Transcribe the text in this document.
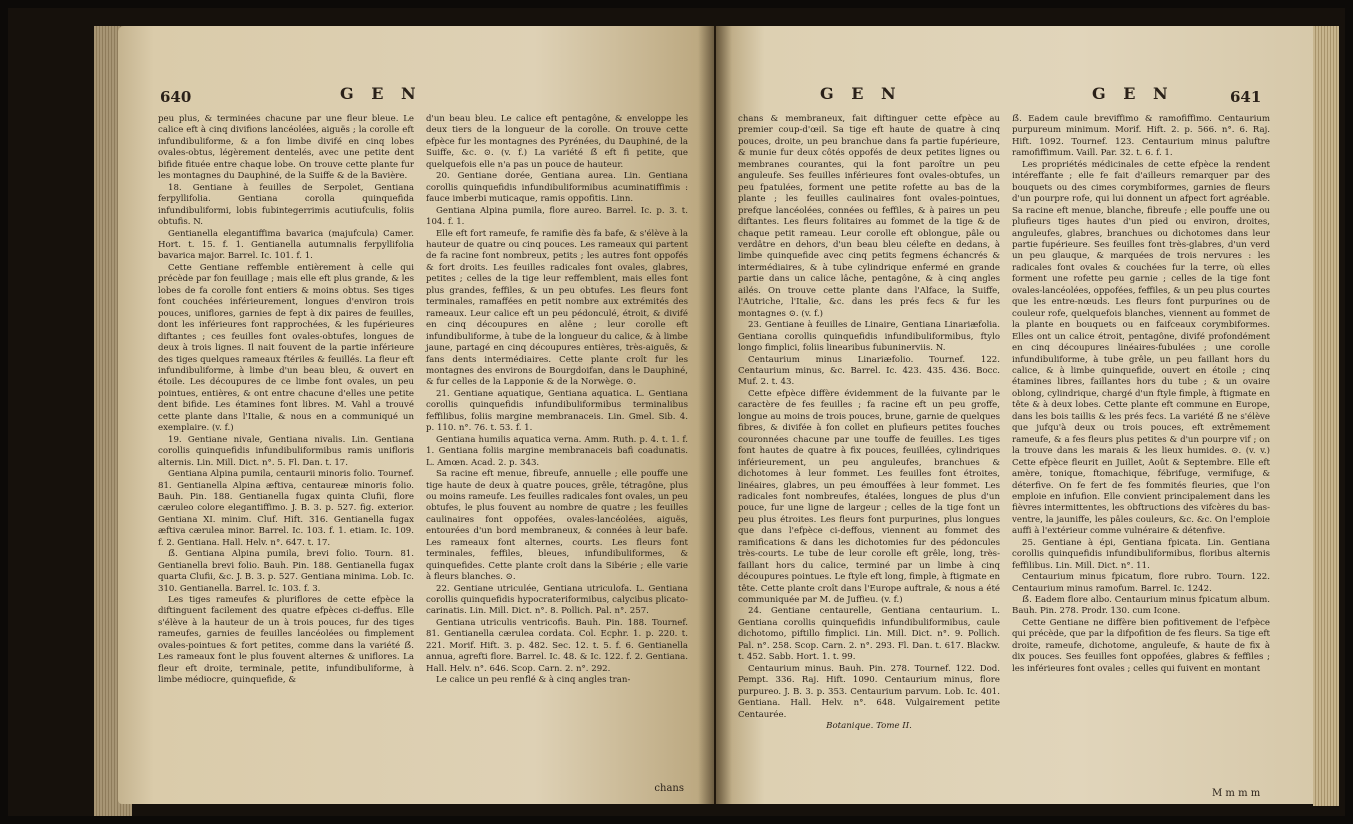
640	G E N

peu plus, & terminées chacune par une fleur bleue. Le calice eft à cinq divifions lancéolées, aiguës ; la corolle eft infundibuliforme, & a fon limbe divifé en cinq lobes ovales-obtus, légèrement dentelés, avec une petite dent bifide fituée entre chaque lobe. On trouve cette plante fur les montagnes du Dauphiné, de la Suiffe & de la Bavière.

18. Gentiane à feuilles de Serpolet, Gentiana ferpyllifolia. Gentiana corolla quinquefida infundibuliformi, lobis fubintegerrimis acutiufculis, foliis obtufis. N.

Gentianella elegantiffima bavarica (majufcula) Camer. Hort. t. 15. f. 1. Gentianella autumnalis ferpyllifolia bavarica major. Barrel. Ic. 101. f. 1.

Cette Gentiane reffemble entièrement à celle qui précède par fon feuillage ; mais elle eft plus grande, & les lobes de fa corolle font entiers & moins obtus. Ses tiges font couchées inférieurement, longues d'environ trois pouces, uniflores, garnies de fept à dix paires de feuilles, dont les inférieures font rapprochées, & les fupérieures diftantes ; ces feuilles font ovales-obtufes, longues de deux à trois lignes. Il nait fouvent de la partie inférieure des tiges quelques rameaux ftériles & feuillés. La fleur eft infundibuliforme, à limbe d'un beau bleu, & ouvert en étoile. Les découpures de ce limbe font ovales, un peu pointues, entières, & ont entre chacune d'elles une petite dent bifide. Les étamines font libres. M. Vahl a trouvé cette plante dans l'Italie, & nous en a communiqué un exemplaire. (v. f.)

19. Gentiane nivale, Gentiana nivalis. Lin. Gentiana corollis quinquefidis infundibuliformibus ramis unifloris alternis. Lin. Mill. Dict. n°. 5. Fl. Dan. t. 17.

Gentiana Alpina pumila, centaurii minoris folio. Tournef. 81. Gentianella Alpina æftiva, centaureæ minoris folio. Bauh. Pin. 188. Gentianella fugax quinta Clufii, flore cæruleo colore elegantiffimo. J. B. 3. p. 527. fig. exterior. Gentiana XI. minim. Cluf. Hift. 316. Gentianella fugax æftiva cærulea minor. Barrel. Ic. 103. f. 1. etiam. Ic. 109. f. 2. Gentiana. Hall. Helv. n°. 647. t. 17.

ẞ. Gentiana Alpina pumila, brevi folio. Tourn. 81. Gentianella brevi folio. Bauh. Pin. 188. Gentianella fugax quarta Clufii, &c. J. B. 3. p. 527. Gentiana minima. Lob. Ic. 310. Gentianella. Barrel. Ic. 103. f. 3.

Les tiges rameufes & pluriflores de cette efpèce la diftinguent facilement des quatre efpèces ci-deffus. Elle s'élève à la hauteur de un à trois pouces, fur des tiges rameufes, garnies de feuilles lancéolées ou fimplement ovales-pointues & fort petites, comme dans la variété ẞ. Les rameaux font le plus fouvent alternes & uniflores. La fleur eft droite, terminale, petite, infundibuliforme, à limbe médiocre, quinquefide, &

d'un beau bleu. Le calice eft pentagône, & enveloppe les deux tiers de la longueur de la corolle. On trouve cette efpèce fur les montagnes des Pyrénées, du Dauphiné, de la Suiffe, &c. ⊙. (v. f.) La variété ẞ eft fi petite, que quelquefois elle n'a pas un pouce de hauteur.

20. Gentiane dorée, Gentiana aurea. Lin. Gentiana corollis quinquefidis infundibuliformibus acuminatiffimis : fauce imberbi muticaque, ramis oppofitis. Linn.

Gentiana Alpina pumila, flore aureo. Barrel. Ic. p. 3. t. 104. f. 1.

Elle eft fort rameufe, fe ramifie dès fa bafe, & s'élève à la hauteur de quatre ou cinq pouces. Les rameaux qui partent de fa racine font nombreux, petits ; les autres font oppofés & fort droits. Les feuilles radicales font ovales, glabres, petites ; celles de la tige leur reffemblent, mais elles font plus grandes, feffiles, & un peu obtufes. Les fleurs font terminales, ramaffées en petit nombre aux extrémités des rameaux. Leur calice eft un peu pédonculé, étroit, & divifé en cinq découpures en alêne ; leur corolle eft infundibuliforme, à tube de la longueur du calice, & à limbe jaune, partagé en cinq découpures entières, très-aiguës, & fans dents intermédiaires. Cette plante croît fur les montagnes des environs de Bourgdoifan, dans le Dauphiné, & fur celles de la Lapponie & de la Norwège. ⊙.

21. Gentiane aquatique, Gentiana aquatica. L. Gentiana corollis quinquefidis infundibuliformibus terminalibus feffilibus, foliis margine membranaceis. Lin. Gmel. Sib. 4. p. 110. n°. 76. t. 53. f. 1.

Gentiana humilis aquatica verna. Amm. Ruth. p. 4. t. 1. f. 1. Gentiana foliis margine membranaceis bafi coadunatis. L. Amœn. Acad. 2. p. 343.

Sa racine eft menue, fibreufe, annuelle ; elle pouffe une tige haute de deux à quatre pouces, grêle, tétragône, plus ou moins rameufe. Les feuilles radicales font ovales, un peu obtufes, le plus fouvent au nombre de quatre ; les feuilles caulinaires font oppofées, ovales-lancéolées, aiguës, entourées d'un bord membraneux, & connées à leur bafe. Les rameaux font alternes, courts. Les fleurs font terminales, feffiles, bleues, infundibuliformes, & quinquefides. Cette plante croît dans la Sibérie ; elle varie à fleurs blanches. ⊙.

22. Gentiane utriculée, Gentiana utriculofa. L. Gentiana corollis quinquefidis hypocrateriformibus, calycibus plicato-carinatis. Lin. Mill. Dict. n°. 8. Pollich. Pal. n°. 257.

Gentiana utriculis ventricofis. Bauh. Pin. 188. Tournef. 81. Gentianella cærulea cordata. Col. Ecphr. 1. p. 220. t. 221. Morif. Hift. 3. p. 482. Sec. 12. t. 5. f. 6. Gentianella annua, agrefti flore. Barrel. Ic. 48. & Ic. 122. f. 2. Gentiana. Hall. Helv. n°. 646. Scop. Carn. 2. n°. 292.

Le calice un peu renflé & à cinq angles tran-

chans
G E N	G E N	641

chans & membraneux, fait diftinguer cette efpèce au premier coup-d'œil. Sa tige eft haute de quatre à cinq pouces, droite, un peu branchue dans fa partie fupérieure, & munie fur deux côtés oppofés de deux petites lignes ou membranes courantes, qui la font paroître un peu anguleufe. Ses feuilles inférieures font ovales-obtufes, un peu fpatulées, forment une petite rofette au bas de la plante ; les feuilles caulinaires font ovales-pointues, prefque lancéolées, connées ou feffiles, & à paires un peu diftantes. Les fleurs folitaires au fommet de la tige & de chaque petit rameau. Leur corolle eft oblongue, pâle ou verdâtre en dehors, d'un beau bleu célefte en dedans, à limbe quinquefide avec cinq petits fegmens échancrés & intermédiaires, & à tube cylindrique enfermé en grande partie dans un calice lâche, pentagône, & à cinq angles ailés. On trouve cette plante dans l'Alface, la Suiffe, l'Autriche, l'Italie, &c. dans les prés fecs & fur les montagnes ⊙. (v. f.)

23. Gentiane à feuilles de Linaire, Gentiana Linariæfolia. Gentiana corollis quinquefidis infundibuliformibus, ftylo longo fimplici, foliis linearibus fubuninerviis. N.

Centaurium minus Linariæfolio. Tournef. 122. Centaurium minus, &c. Barrel. Ic. 423. 435. 436. Bocc. Muf. 2. t. 43.

Cette efpèce diffère évidemment de la fuivante par le caractère de fes feuilles ; fa racine eft un peu groffe, longue au moins de trois pouces, brune, garnie de quelques fibres, & divifée à fon collet en plufieurs petites fouches couronnées chacune par une touffe de feuilles. Les tiges font hautes de quatre à fix pouces, feuillées, cylindriques inférieurement, un peu anguleufes, branchues & dichotomes à leur fommet. Les feuilles font étroites, linéaires, glabres, un peu émouffées à leur fommet. Les radicales font nombreufes, étalées, longues de plus d'un pouce, fur une ligne de largeur ; celles de la tige font un peu plus étroites. Les fleurs font purpurines, plus longues que dans l'efpèce ci-deffous, viennent au fommet des ramifications & dans les dichotomies fur des pédoncules très-courts. Le tube de leur corolle eft grêle, long, très-faillant hors du calice, terminé par un limbe à cinq découpures pointues. Le ftyle eft long, fimple, à ftigmate en tête. Cette plante croît dans l'Europe auftrale, & nous a été communiquée par M. de Juffieu. (v. f.)

24. Gentiane centaurelle, Gentiana centaurium. L. Gentiana corollis quinquefidis infundibuliformibus, caule dichotomo, piftillo fimplici. Lin. Mill. Dict. n°. 9. Pollich. Pal. n°. 258. Scop. Carn. 2. n°. 293. Fl. Dan. t. 617. Blackw. t. 452. Sabb. Hort. 1. t. 99.

Centaurium minus. Bauh. Pin. 278. Tournef. 122. Dod. Pempt. 336. Raj. Hift. 1090. Centaurium minus, flore purpureo. J. B. 3. p. 353. Centaurium parvum. Lob. Ic. 401. Gentiana. Hall. Helv. n°. 648. Vulgairement petite Centaurée.

Botanique. Tome II.

ẞ. Eadem caule breviffimo & ramofiffimo. Centaurium purpureum minimum. Morif. Hift. 2. p. 566. n°. 6. Raj. Hift. 1092. Tournef. 123. Centaurium minus paluftre ramofiffimum. Vaill. Par. 32. t. 6. f. 1.

Les propriétés médicinales de cette efpèce la rendent intéreffante ; elle fe fait d'ailleurs remarquer par des bouquets ou des cimes corymbiformes, garnies de fleurs d'un pourpre rofe, qui lui donnent un afpect fort agréable. Sa racine eft menue, blanche, fibreufe ; elle pouffe une ou plufieurs tiges hautes d'un pied ou environ, droites, anguleufes, glabres, branchues ou dichotomes dans leur partie fupérieure. Ses feuilles font très-glabres, d'un verd un peu glauque, & marquées de trois nervures : les radicales font ovales & couchées fur la terre, où elles forment une rofette peu garnie ; celles de la tige font ovales-lancéolées, oppofées, feffiles, & un peu plus courtes que les entre-nœuds. Les fleurs font purpurines ou de couleur rofe, quelquefois blanches, viennent au fommet de la plante en bouquets ou en faifceaux corymbiformes. Elles ont un calice étroit, pentagône, divifé profondément en cinq découpures linéaires-fubulées ; une corolle infundibuliforme, à tube grêle, un peu faillant hors du calice, & à limbe quinquefide, ouvert en étoile ; cinq étamines libres, faillantes hors du tube ; & un ovaire oblong, cylindrique, chargé d'un ftyle fimple, à ftigmate en tête & à deux lobes. Cette plante eft commune en Europe, dans les bois taillis & les prés fecs. La variété ẞ ne s'élève que jufqu'à deux ou trois pouces, eft extrêmement rameufe, & a fes fleurs plus petites & d'un pourpre vif ; on la trouve dans les marais & les lieux humides. ⊙. (v. v.) Cette efpèce fleurit en Juillet, Août & Septembre. Elle eft amère, tonique, ftomachique, fébrifuge, vermifuge, & déterfive. On fe fert de fes fommités fleuries, que l'on emploie en infufion. Elle convient principalement dans les fièvres intermittentes, les obftructions des vifcères du bas-ventre, la jauniffe, les pâles couleurs, &c. &c. On l'emploie auffi à l'extérieur comme vulnéraire & détenfive.

25. Gentiane à épi, Gentiana fpicata. Lin. Gentiana corollis quinquefidis infundibuliformibus, floribus alternis feffilibus. Lin. Mill. Dict. n°. 11.

Centaurium minus fpicatum, flore rubro. Tourn. 122. Centaurium minus ramofum. Barrel. Ic. 1242.

ẞ. Eadem flore albo. Centaurium minus fpicatum album. Bauh. Pin. 278. Prodr. 130. cum Icone.

Cette Gentiane ne diffère bien pofitivement de l'efpèce qui précède, que par la difpofition de fes fleurs. Sa tige eft droite, rameufe, dichotome, anguleufe, & haute de fix à dix pouces. Ses feuilles font oppofées, glabres & feffiles ; les inférieures font ovales ; celles qui fuivent en montant

M m m m
